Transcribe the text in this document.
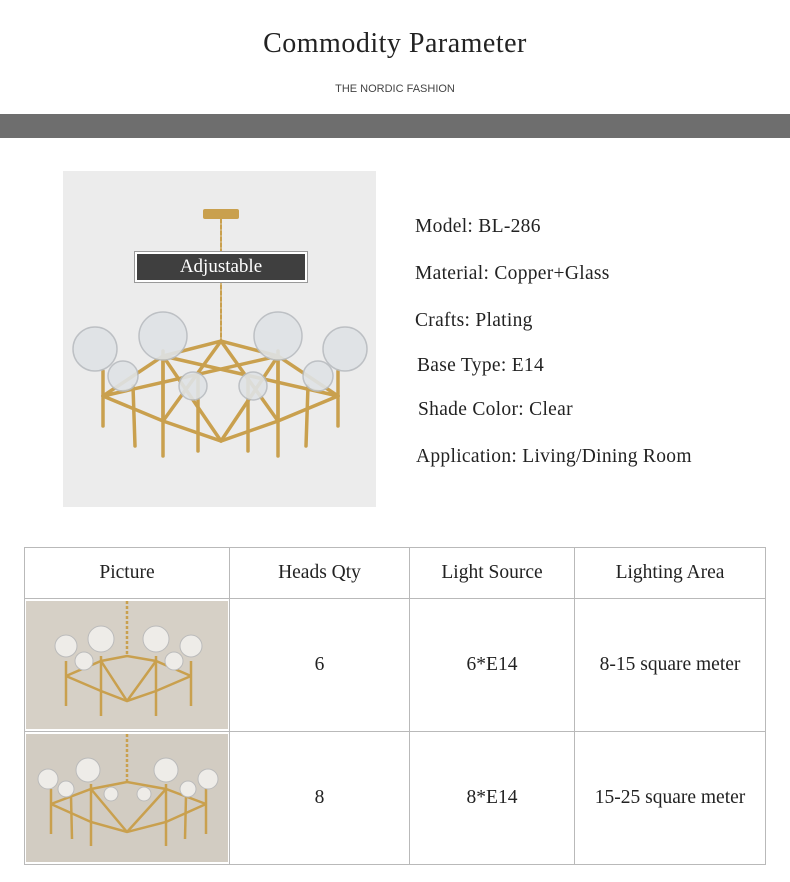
Commodity Parameter
THE NORDIC FASHION
Adjustable
Model: BL-286
Material: Copper+Glass
Crafts: Plating
Base Type: E14
Shade Color: Clear
Application: Living/Dining Room
Picture	Heads Qty	Light Source	Lighting Area

	6	6*E14	8-15 square meter

	8	8*E14	15-25 square meter
